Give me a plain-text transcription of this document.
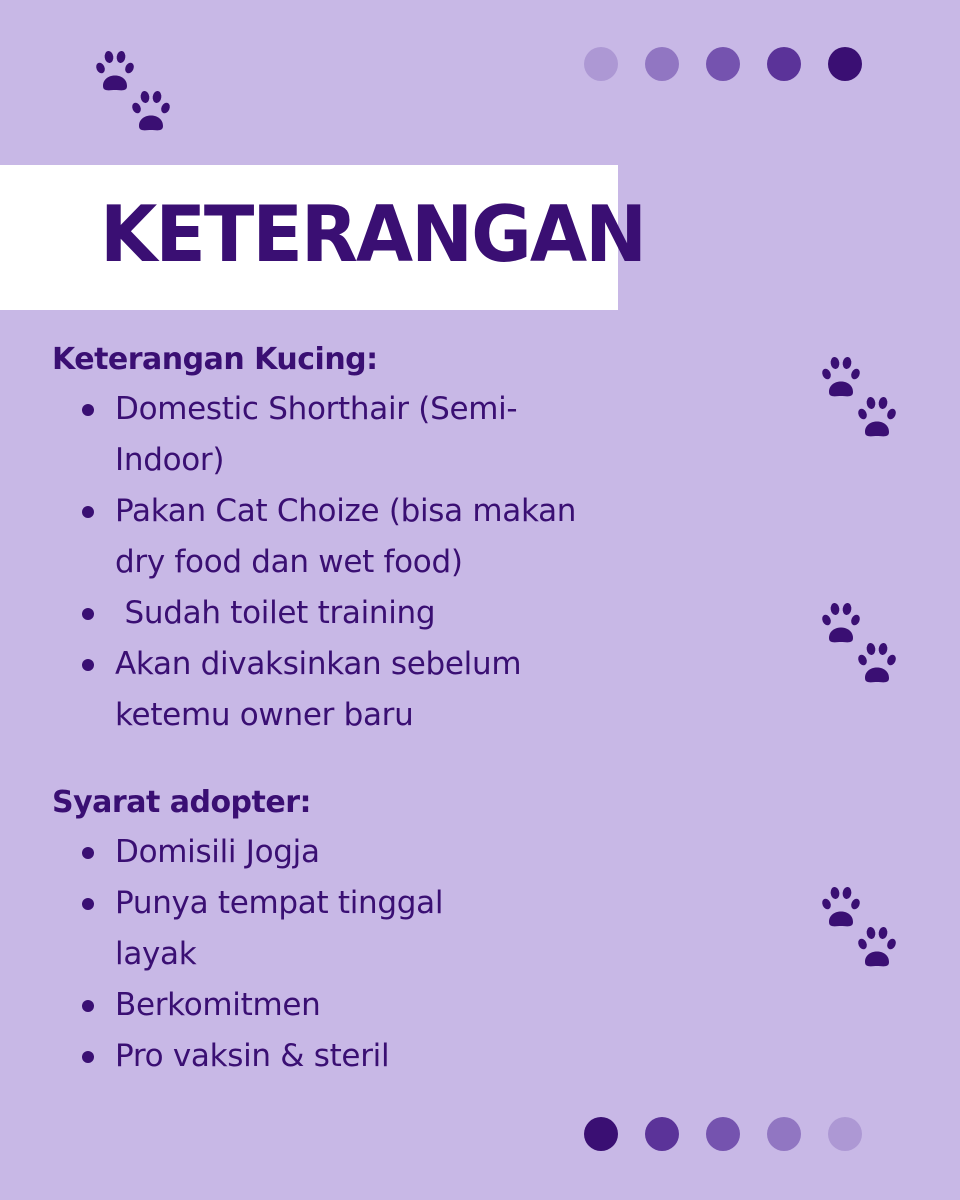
KETERANGAN
Keterangan Kucing:
Domestic Shorthair (Semi-
Indoor)
Pakan Cat Choize (bisa makan
dry food dan wet food)
Sudah toilet training
Akan divaksinkan sebelum
ketemu owner baru
Syarat adopter:
Domisili Jogja
Punya tempat tinggal
layak
Berkomitmen
Pro vaksin & steril
